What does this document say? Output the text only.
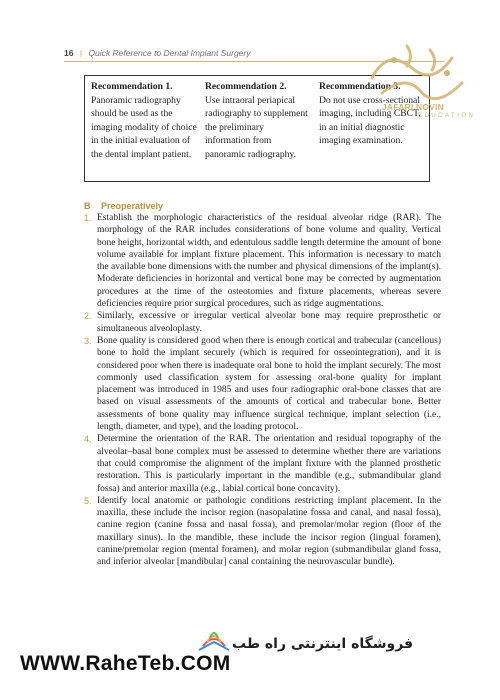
16 | Quick Reference to Dental Implant Surgery
Recommendation 1.
Panoramic radiography should be used as the imaging modality of choice in the initial evaluation of the dental implant patient.
Recommendation 2.
Use intraoral periapical radiography to supplement the preliminary information from panoramic radiography.
Recommendation 3.
Do not use cross-sectional imaging, including CBCT, in an initial diagnostic imaging examination.
JAFARI NOVIN
EDUCATION
B Preoperatively
1. Establish the morphologic characteristics of the residual alveolar ridge (RAR). The morphology of the RAR includes considerations of bone volume and quality. Vertical bone height, horizontal width, and edentulous saddle length determine the amount of bone volume available for implant fixture placement. This information is necessary to match the available bone dimensions with the number and physical dimensions of the implant(s). Moderate deficiencies in horizontal and vertical bone may be corrected by augmentation procedures at the time of the osteotomies and fixture placements, whereas severe deficiencies require prior surgical procedures, such as ridge augmentations.
2. Similarly, excessive or irregular vertical alveolar bone may require preprosthetic or simultaneous alveoloplasty.
3. Bone quality is considered good when there is enough cortical and trabecular (cancellous) bone to hold the implant securely (which is required for osseointegration), and it is considered poor when there is inadequate oral bone to hold the implant securely. The most commonly used classification system for assessing oral-bone quality for implant placement was introduced in 1985 and uses four radiographic oral-bone classes that are based on visual assessments of the amounts of cortical and trabecular bone. Better assessments of bone quality may influence surgical technique, implant selection (i.e., length, diameter, and type), and the loading protocol.
4. Determine the orientation of the RAR. The orientation and residual topography of the alveolar–basal bone complex must be assessed to determine whether there are variations that could compromise the alignment of the implant fixture with the planned prosthetic restoration. This is particularly important in the mandible (e.g., submandibular gland fossa) and anterior maxilla (e.g., labial cortical bone concavity).
5. Identify local anatomic or pathologic conditions restricting implant placement. In the maxilla, these include the incisor region (nasopalatine fossa and canal, and nasal fossa), canine region (canine fossa and nasal fossa), and premolar/molar region (floor of the maxillary sinus). In the mandible, these include the incisor region (lingual foramen), canine/premolar region (mental foramen), and molar region (submandibular gland fossa, and inferior alveolar [mandibular] canal containing the neurovascular bundle).
فروشگاه اینترنتی راه طب
WWW.RaheTeb.COM
